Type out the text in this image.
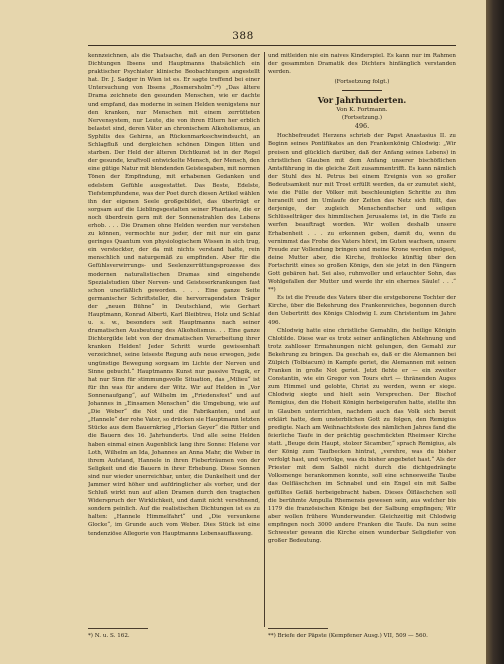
388

kennzeichnen, als die Thatsache, daß an den Personen der Dichtungen Ibsens und Hauptmanns thatsächlich ein praktischer Psychiater klinische Beobachtungen angestellt hat. Dr. J. Sadger in Wien ist es. Er sagte treffend bei einer Untersuchung von Ibsens „Rosmersholm“:*) „Das ältere Drama zeichnete den gesunden Menschen, wie er dachte und empfand, das moderne in seinen Helden wenigstens nur den kranken, nur Menschen mit einem zerrütteten Nervensystem, nur Leute, die von ihren Eltern her erblich belastet sind, deren Väter an chronischem Alkoholismus, an Syphilis des Gehirns, an Rückenmarksschwindsucht, an Schlagfluß und dergleichen schönen Dingen litten und starben. Der Held der älteren Dichtkunst ist in der Regel der gesunde, kraftvoll entwickelte Mensch, der Mensch, den eine gütige Natur mit blendenden Geistesgaben, mit normen Tönen der Empfindung, mit erhabenen Gedanken und edelstem Gefühle ausgestattet. Das Beste, Edelste, Tiefstempfundene, was der Poet durch diesen Artikel wählen ihn der eigenen Seele großgebildet, das überträgt er sorgsam auf die Lieblingsgestalten seiner Phantasie, die er noch überdrein gern mit der Sonnenstrahlen des Lebens erhob. . . . Die Dramen ohne Helden werden nur verstehen zu können, vermochte nur jeder, der mit nur ein ganz geringes Quantum von physiologischem Wissen in sich trug, ein versteckter, der da mit nichts verstand hatte, rein menschlich und naturgemäß zu empfinden. Aber für die Gefühlsverwirrungs- und Seelenzerrüttungsprozesse des modernen naturalistischen Dramas sind eingehende Spezialstudien über Nerven- und Geisteserkrankungen fast schon unerläßlich geworden. . . . Eine ganze Seite germanischer Schriftsteller, die hervorragendsten Träger der „neuen Bühne“ in Deutschland, wie Gerhart Hauptmann, Konrad Alberti, Karl Bleibtreu, Holz und Schlaf u. s. w., besonders seit Hauptmanns nach seiner dramatischen Ausbeutung des Alkoholismus. . . Eine ganze Dichtergilde lebt von der dramatischen Verarbeitung ihrer kranken Helden! Jeder Schritt wurde gewissenhaft verzeichnet, seine leiseste Regung aufs neue erwogen, jede ungünstige Bewegung sorgsam im Lichte der Nerven und Sinne gebucht.“ Hauptmanns Kunst nur passive Tragik, er hat nur Sinn für stimmungsvolle Situation, das „Milieu“ ist für ihn was für andere der Witz. Wir auf Helden in „Vor Sonnenaufgang“, auf Wilhelm im „Friedensfest“ und auf Johannes in „Einsamen Menschen“ die Umgebung, wie auf „Die Weber“ die Not und die Fabrikanten, und auf „Hannele“ der rohe Vater, so drücken sie Hauptmann letzten Stücke aus dem Bauernkrieg „Florian Geyer“ die Ritter und die Bauern des 16. Jahrhunderts. Und alle seine Helden haben einmal einen Augenblick lang ihre Sonne: Helene vor Loth, Wilhelm an Ida, Johannes an Anna Mahr, die Weber in ihrem Aufstand, Hannele in ihren Fieberträumen von der Seligkeit und die Bauern in ihrer Erhebung. Diese Sonnen sind nur wieder unerreichbar, unter, die Dunkelheit und der Jammer wird höher und aufdringlicher als vorher, und der Schluß wirkt nun auf allen Dramen durch den tragischen Widerspruch der Wirklichkeit, und damit nicht versöhnend, sondern peinlich. Auf die realistischen Dichtungen ist es zu halten: „Hannele Himmelfahrt“ und „Die versunkene Glocke“, im Grunde auch vom Weber. Dies Stück ist eine tendenziöse Allegorie von Hauptmanns Lebensauffassung.

und mitleiden nie ein naives Kinderspiel. Es kann nur im Rahmen der gesammten Dramatik des Dichters hinfänglich verstanden werden.

(Fortsetzung folgt.)
Vor Jahrhunderten.
Von K. Fortmann.
(Fortsetzung.)
496.

Hochbefreudet Herzens schrieb der Papst Anastasius II. zu Beginn seines Pontifikates an den Frankenkönig Chlodwig: „Wir preisen und glücklich darüber, daß der Anfang seines Lebens) in christlichen Glauben mit dem Anfang unserer bischöflichen Amtsführung in die gleiche Zeit zusammentrifft. Es kann nämlich der Stuhl des hl. Petrus bei einem Ereignis von so großer Bedeutsamkeit nur mit Trost erfüllt werden, da er zumutet sieht, wie die Fülle der Völker mit beschleunigten Schritte zu ihm heraneilt und im Umlaufe der Zeiten das Netz sich füllt, das derjenige, der zugleich Menschenfischer und seligen Schlüsselträger des himmlischen Jerusalems ist, in die Tiefe zu werfen beauftragt worden. Wir wollen deshalb unsere Erhabenheit . . . zu erkennen geben, damit du, wenn du vernimmst das Frohe des Vaters hörst, im Guten wachsen, unsere Freude zur Vollendung bringen und meine Krone werden mögest, deine Mutter aber, die Kirche, frohlocke künftig über den Fortschritt eines so großen Königs, den sie jetzt in den Fängern Gott gebären hat. Sei also, ruhmvoller und erlauchter Sohn, das Wohlgefallen der Mutter und werde ihr ein ehernes Säule! . . .“ **)

Es ist die Freude des Vaters über die erstgeborene Tochter der Kirche, über die Bekehrung des Frankenreiches, begonnen durch den Uebertritt des Königs Chlodwig I. zum Christentum im Jahre 496.

Chlodwig hatte eine christliche Gemahlin, die heilige Königin Chlotilde. Diese war es trotz seiner anfänglichen Ablehnung und trotz zahlloser Ermahnungen nicht gelungen, den Gemahl zur Bekehrung zu bringen. Da geschah es, daß er die Alemannen bei Zülpich (Tolbiacum) in Kampfe geriet, die Alemannen mit seinen Franken in große Not geriet. Jetzt flehte er — ein zweiter Constantin, wie ein Gregor von Tours ehrt — thränenden Auges zum Himmel und gelobte, Christ zu werden, wenn er siege. Chlodwig siegte und hielt sein Versprechen. Der Bischof Remigius, den die Hoheit Königin herbeigerufen hatte, stellte ihn in Glauben unterrichten, nachdem auch das Volk sich bereit erklärt hatte, dem unsterblichen Gott zu folgen, den Remigius predigte. Nach am Weihnachtsfeste des nämlichen Jahres fand die feierliche Taufe in der prächtig geschmückten Rheimser Kirche statt. „Beuge dein Haupt, stolzer Sicamber,“ sprach Remigius, als der König zum Taufbecken hintrat, „verehre, was du bisher verfolgt hast, und verfolge, was du bisher angebetet hast.“ Als der Priester mit dem Salböl nicht durch die dichtgedrängte Volksmenge herankommen konnte, soll eine schneeweiße Taube das Oelfläschchen im Schnabel und ein Engel ein mit Salbe gefülltes Gefäß herbeigebracht haben. Dieses Ölfläschchen soll die berühmte Ampulla Rhemensis gewesen sein, aus welcher bis 1179 die französischen Könige bei der Salbung empfingen; Wir aber wollen frühere Wunderwunder. Gleichzeitig mit Chlodwig empfingen noch 3000 andere Franken die Taufe. Da nun seine Schwester gewann die Kirche einen wunderbar Seligdiefer von großer Bedeutung.

*) N. u. S. 162.	**) Briefe der Päpste (Kempfener Ausg.) VII, 509 — 560.
